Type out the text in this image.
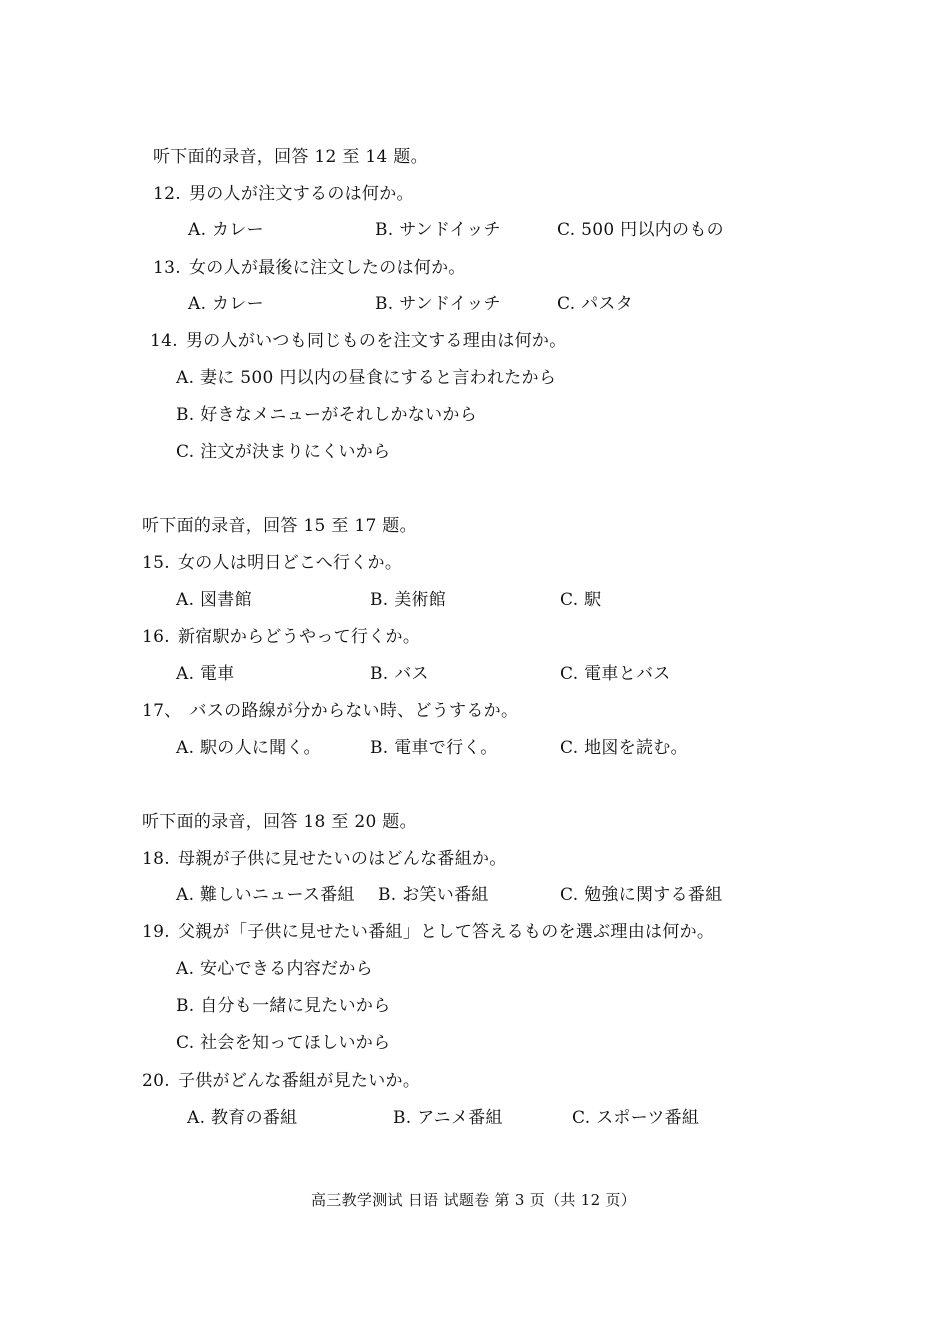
听下面的录音，回答 12 至 14 题。
12. 男の人が注文するのは何か。
A. カレー	B. サンドイッチ	C. 500 円以内のもの
13. 女の人が最後に注文したのは何か。
A. カレー	B. サンドイッチ	C. パスタ
14. 男の人がいつも同じものを注文する理由は何か。
A. 妻に 500 円以内の昼食にすると言われたから
B. 好きなメニューがそれしかないから
C. 注文が決まりにくいから
听下面的录音，回答 15 至 17 题。
15. 女の人は明日どこへ行くか。
A. 図書館	B. 美術館	C. 駅
16. 新宿駅からどうやって行くか。
A. 電車	B. バス	C. 電車とバス
17、 バスの路線が分からない時、どうするか。
A. 駅の人に聞く。	B. 電車で行く。	C. 地図を読む。
听下面的录音，回答 18 至 20 题。
18. 母親が子供に見せたいのはどんな番組か。
A. 難しいニュース番組 B. お笑い番組	C. 勉強に関する番組
19. 父親が「子供に見せたい番組」として答えるものを選ぶ理由は何か。
A. 安心できる内容だから
B. 自分も一緒に見たいから
C. 社会を知ってほしいから
20. 子供がどんな番組が見たいか。
A. 教育の番組	B. アニメ番組	C. スポーツ番組
高三教学测试 日语 试题卷 第 3 页（共 12 页）
